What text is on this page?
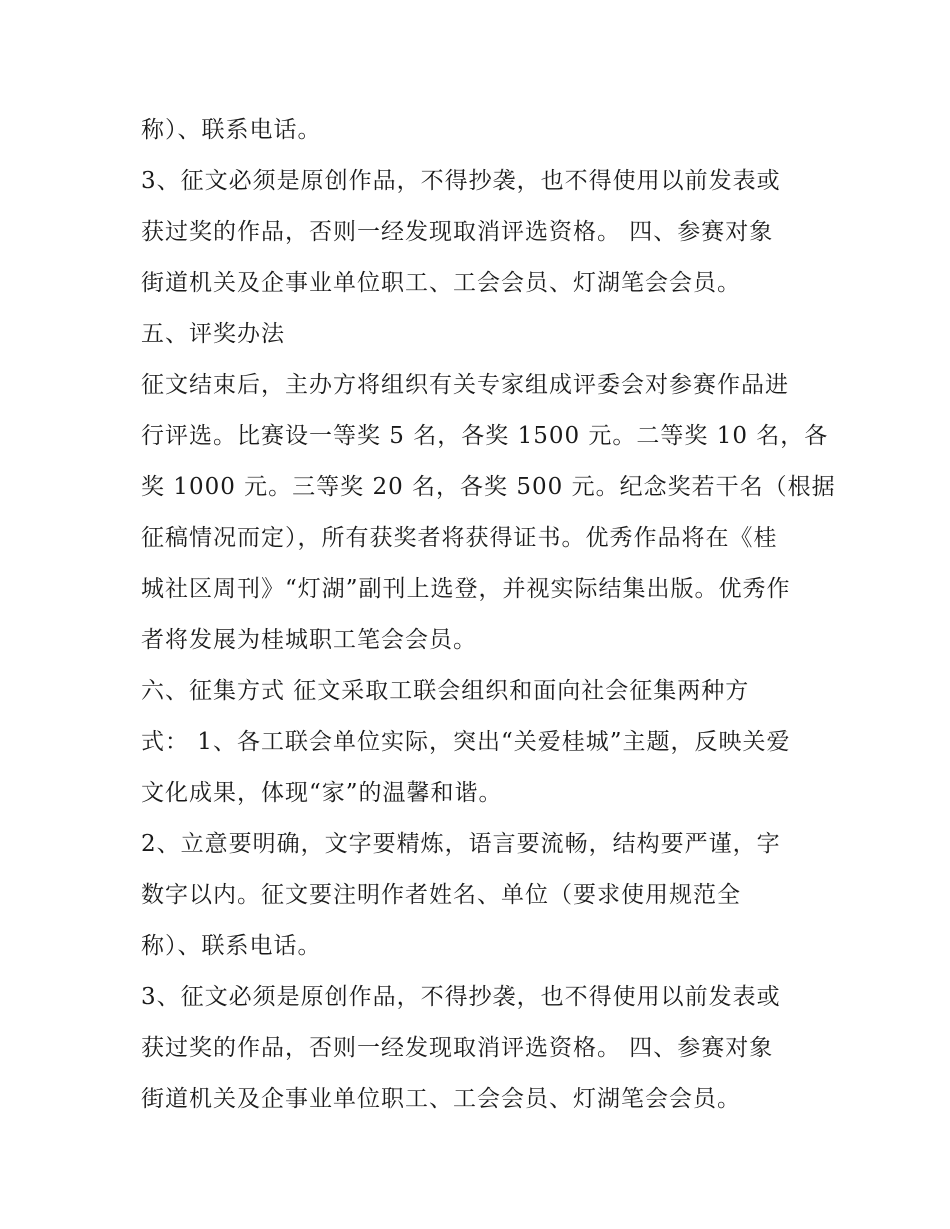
称）、联系电话。
3、征文必须是原创作品，不得抄袭，也不得使用以前发表或
获过奖的作品，否则一经发现取消评选资格。 四、参赛对象
街道机关及企事业单位职工、工会会员、灯湖笔会会员。
五、评奖办法
征文结束后，主办方将组织有关专家组成评委会对参赛作品进
行评选。比赛设一等奖 5 名，各奖 1500 元。二等奖 10 名，各
奖 1000 元。三等奖 20 名，各奖 500 元。纪念奖若干名（根据
征稿情况而定），所有获奖者将获得证书。优秀作品将在《桂
城社区周刊》“灯湖”副刊上选登，并视实际结集出版。优秀作
者将发展为桂城职工笔会会员。
六、征集方式 征文采取工联会组织和面向社会征集两种方
式： 1、各工联会单位实际，突出“关爱桂城”主题，反映关爱
文化成果，体现“家”的温馨和谐。
2、立意要明确，文字要精炼，语言要流畅，结构要严谨，字
数字以内。征文要注明作者姓名、单位（要求使用规范全
称）、联系电话。
3、征文必须是原创作品，不得抄袭，也不得使用以前发表或
获过奖的作品，否则一经发现取消评选资格。 四、参赛对象
街道机关及企事业单位职工、工会会员、灯湖笔会会员。
